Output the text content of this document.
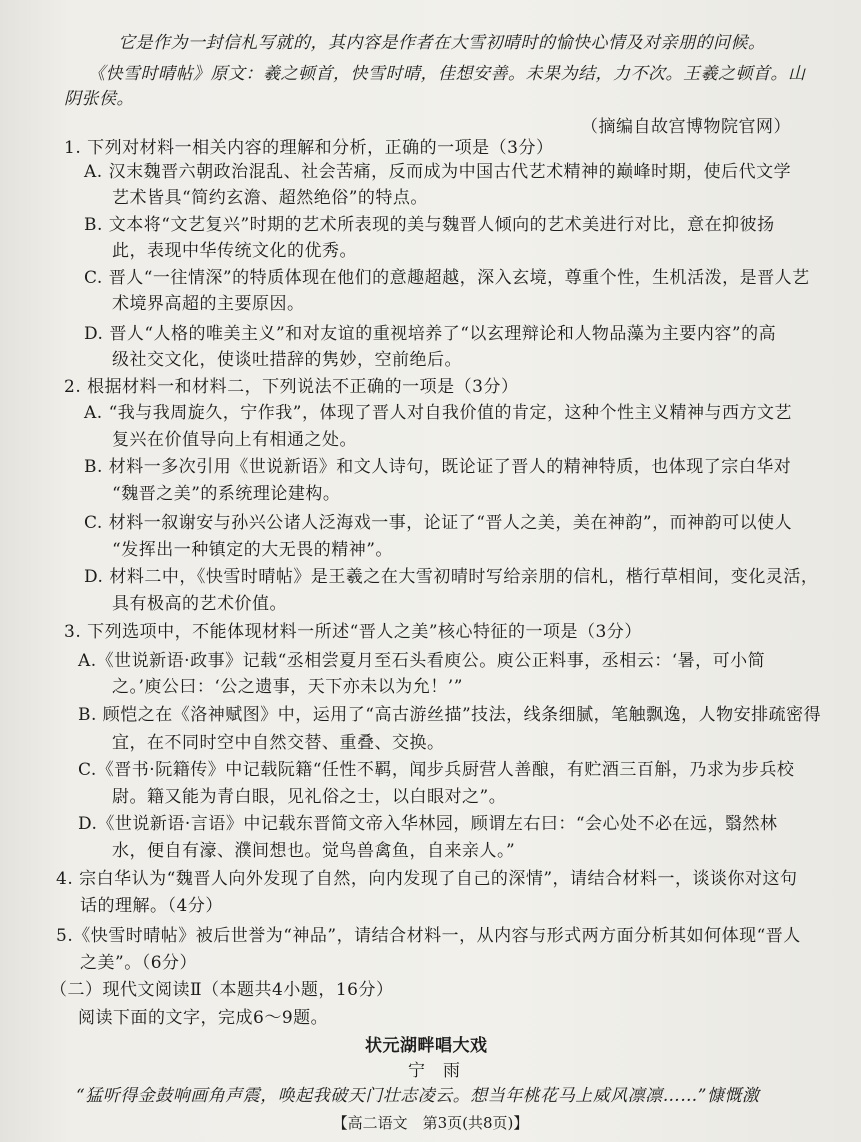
它是作为一封信札写就的，其内容是作者在大雪初晴时的愉快心情及对亲朋的问候。
《快雪时晴帖》原文：羲之顿首，快雪时晴，佳想安善。未果为结，力不次。王羲之顿首。山
阴张侯。
（摘编自故宫博物院官网）
1. 下列对材料一相关内容的理解和分析，正确的一项是（3分）
A. 汉末魏晋六朝政治混乱、社会苦痛，反而成为中国古代艺术精神的巅峰时期，使后代文学
艺术皆具“简约玄澹、超然绝俗”的特点。
B. 文本将“文艺复兴”时期的艺术所表现的美与魏晋人倾向的艺术美进行对比，意在抑彼扬
此，表现中华传统文化的优秀。
C. 晋人“一往情深”的特质体现在他们的意趣超越，深入玄境，尊重个性，生机活泼，是晋人艺
术境界高超的主要原因。
D. 晋人“人格的唯美主义”和对友谊的重视培养了“以玄理辩论和人物品藻为主要内容”的高
级社交文化，使谈吐措辞的隽妙，空前绝后。
2. 根据材料一和材料二，下列说法不正确的一项是（3分）
A. “我与我周旋久，宁作我”，体现了晋人对自我价值的肯定，这种个性主义精神与西方文艺
复兴在价值导向上有相通之处。
B. 材料一多次引用《世说新语》和文人诗句，既论证了晋人的精神特质，也体现了宗白华对
“魏晋之美”的系统理论建构。
C. 材料一叙谢安与孙兴公诸人泛海戏一事，论证了“晋人之美，美在神韵”，而神韵可以使人
“发挥出一种镇定的大无畏的精神”。
D. 材料二中，《快雪时晴帖》是王羲之在大雪初晴时写给亲朋的信札，楷行草相间，变化灵活，
具有极高的艺术价值。
3. 下列选项中，不能体现材料一所述“晋人之美”核心特征的一项是（3分）
A.《世说新语·政事》记载“丞相尝夏月至石头看庾公。庾公正料事，丞相云：‘暑，可小简
之。’庾公曰：‘公之遗事，天下亦未以为允！’”
B. 顾恺之在《洛神赋图》中，运用了“高古游丝描”技法，线条细腻，笔触飘逸，人物安排疏密得
宜，在不同时空中自然交替、重叠、交换。
C.《晋书·阮籍传》中记载阮籍“任性不羁，闻步兵厨营人善酿，有贮酒三百斛，乃求为步兵校
尉。籍又能为青白眼，见礼俗之士，以白眼对之”。
D.《世说新语·言语》中记载东晋简文帝入华林园，顾谓左右曰：“会心处不必在远，翳然林
水，便自有濠、濮间想也。觉鸟兽禽鱼，自来亲人。”
4. 宗白华认为“魏晋人向外发现了自然，向内发现了自己的深情”，请结合材料一，谈谈你对这句
话的理解。（4分）
5.《快雪时晴帖》被后世誉为“神品”，请结合材料一，从内容与形式两方面分析其如何体现“晋人
之美”。（6分）
（二）现代文阅读Ⅱ（本题共4小题，16分）
阅读下面的文字，完成6～9题。
状元湖畔唱大戏
宁　雨
“猛听得金鼓响画角声震，唤起我破天门壮志凌云。想当年桃花马上威风凛凛……”慷慨激
【高二语文　第3页(共8页)】
